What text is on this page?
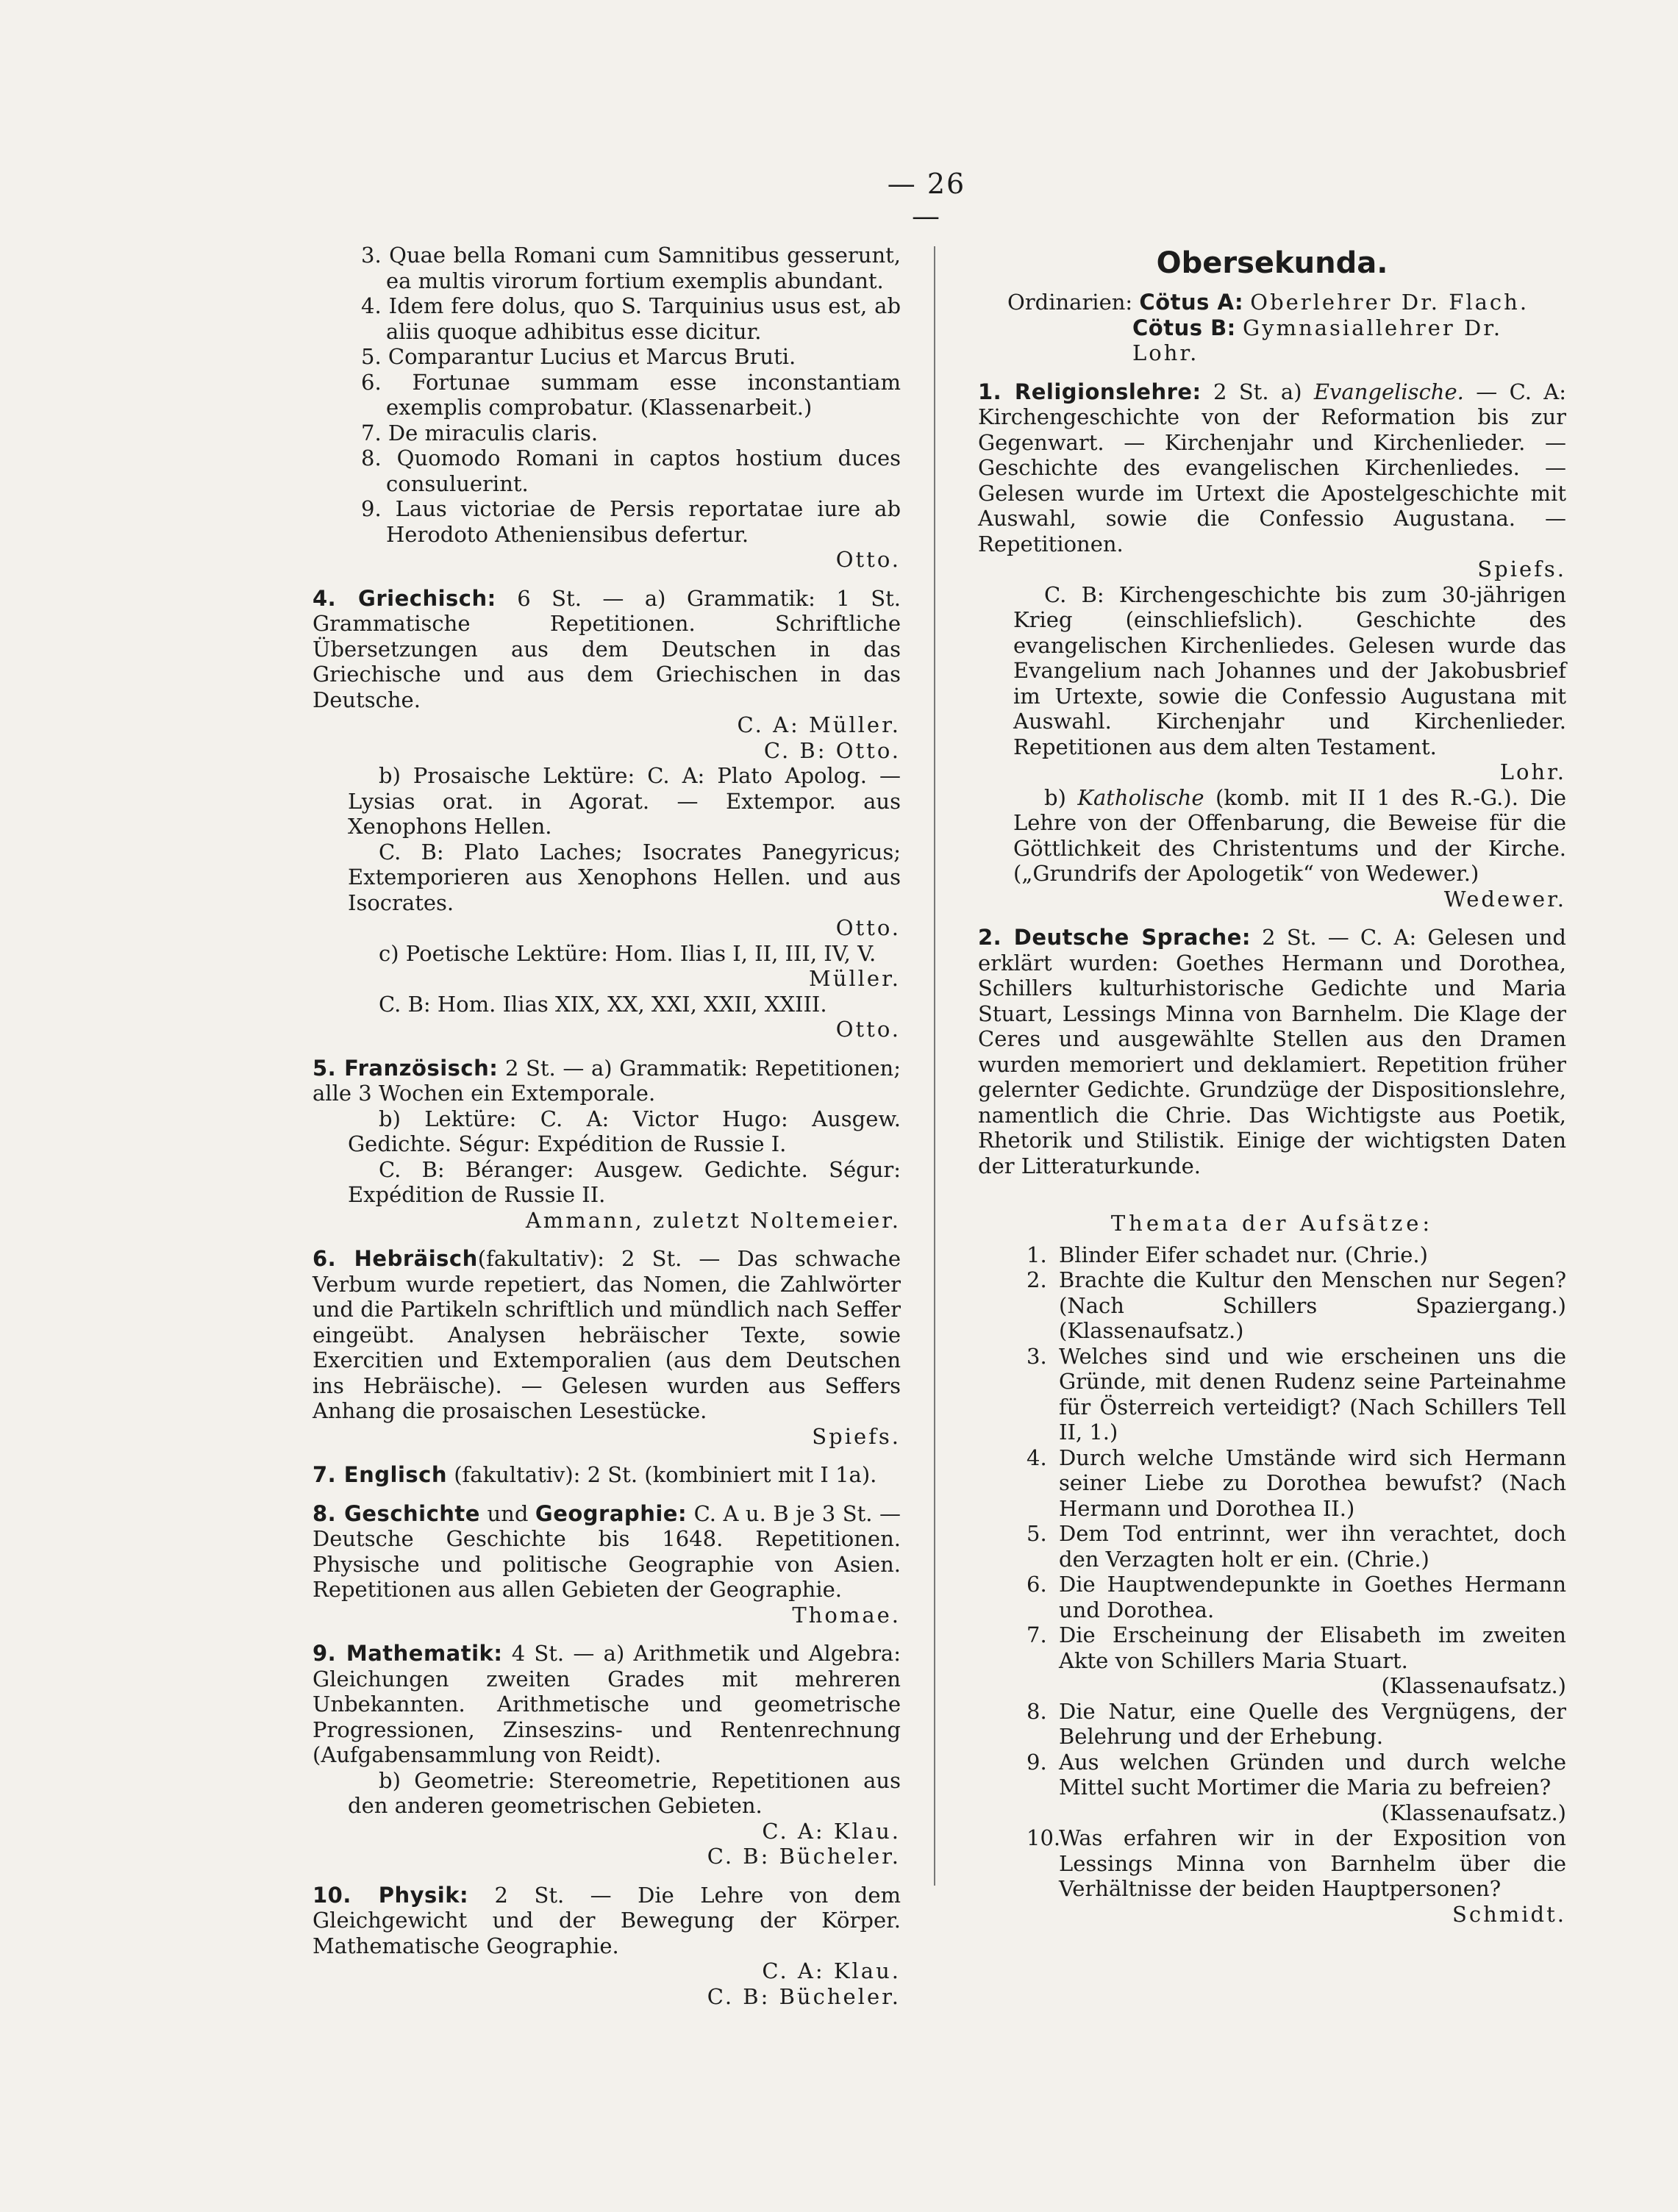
— 26 —

3. Quae bella Romani cum Samnitibus gesserunt, ea multis virorum fortium exemplis abundant.

4. Idem fere dolus, quo S. Tarquinius usus est, ab aliis quoque adhibitus esse dicitur.

5. Comparantur Lucius et Marcus Bruti.

6. Fortunae summam esse inconstantiam exemplis comprobatur. (Klassenarbeit.)

7. De miraculis claris.

8. Quomodo Romani in captos hostium duces consuluerint.

9. Laus victoriae de Persis reportatae iure ab Herodoto Atheniensibus defertur.

Otto.

4. Griechisch: 6 St. — a) Grammatik: 1 St. Grammatische Repetitionen. Schriftliche Übersetzungen aus dem Deutschen in das Griechische und aus dem Griechischen in das Deutsche.

C. A: Müller.

C. B: Otto.

b) Prosaische Lektüre: C. A: Plato Apolog. — Lysias orat. in Agorat. — Extempor. aus Xenophons Hellen.

C. B: Plato Laches; Isocrates Panegyricus; Extemporieren aus Xenophons Hellen. und aus Isocrates.

Otto.

c) Poetische Lektüre: Hom. Ilias I, II, III, IV, V.

Müller.

C. B: Hom. Ilias XIX, XX, XXI, XXII, XXIII.

Otto.

5. Französisch: 2 St. — a) Grammatik: Repetitionen; alle 3 Wochen ein Extemporale.

b) Lektüre: C. A: Victor Hugo: Ausgew. Gedichte. Ségur: Expédition de Russie I.

C. B: Béranger: Ausgew. Gedichte. Ségur: Expédition de Russie II.

Ammann, zuletzt Noltemeier.

6. Hebräisch(fakultativ): 2 St. — Das schwache Verbum wurde repetiert, das Nomen, die Zahlwörter und die Partikeln schriftlich und mündlich nach Seffer eingeübt. Analysen hebräischer Texte, sowie Exercitien und Extemporalien (aus dem Deutschen ins Hebräische). — Gelesen wurden aus Seffers Anhang die prosaischen Lesestücke.

Spiefs.

7. Englisch (fakultativ): 2 St. (kombiniert mit I 1a).

8. Geschichte und Geographie: C. A u. B je 3 St. — Deutsche Geschichte bis 1648. Repetitionen. Physische und politische Geographie von Asien. Repetitionen aus allen Gebieten der Geographie.

Thomae.

9. Mathematik: 4 St. — a) Arithmetik und Algebra: Gleichungen zweiten Grades mit mehreren Unbekannten. Arithmetische und geometrische Progressionen, Zinseszins- und Rentenrechnung (Aufgabensammlung von Reidt).

b) Geometrie: Stereometrie, Repetitionen aus den anderen geometrischen Gebieten.

C. A: Klau.

C. B: Bücheler.

10. Physik: 2 St. — Die Lehre von dem Gleichgewicht und der Bewegung der Körper. Mathematische Geographie.

C. A: Klau.

C. B: Bücheler.

Obersekunda.

Ordinarien: Cötus A: Oberlehrer Dr. Flach.

Cötus B: Gymnasiallehrer Dr. Lohr.

1. Religionslehre: 2 St. a) Evangelische. — C. A: Kirchengeschichte von der Reformation bis zur Gegenwart. — Kirchenjahr und Kirchenlieder. — Geschichte des evangelischen Kirchenliedes. — Gelesen wurde im Urtext die Apostelgeschichte mit Auswahl, sowie die Confessio Augustana. — Repetitionen.

Spiefs.

C. B: Kirchengeschichte bis zum 30-jährigen Krieg (einschliefslich). Geschichte des evangelischen Kirchenliedes. Gelesen wurde das Evangelium nach Johannes und der Jakobusbrief im Urtexte, sowie die Confessio Augustana mit Auswahl. Kirchenjahr und Kirchenlieder. Repetitionen aus dem alten Testament.

Lohr.

b) Katholische (komb. mit II 1 des R.-G.). Die Lehre von der Offenbarung, die Beweise für die Göttlichkeit des Christentums und der Kirche. („Grundrifs der Apologetik“ von Wedewer.)

Wedewer.

2. Deutsche Sprache: 2 St. — C. A: Gelesen und erklärt wurden: Goethes Hermann und Dorothea, Schillers kulturhistorische Gedichte und Maria Stuart, Lessings Minna von Barnhelm. Die Klage der Ceres und ausgewählte Stellen aus den Dramen wurden memoriert und deklamiert. Repetition früher gelernter Gedichte. Grundzüge der Dispositionslehre, namentlich die Chrie. Das Wichtigste aus Poetik, Rhetorik und Stilistik. Einige der wichtigsten Daten der Litteraturkunde.

Themata der Aufsätze:

1. Blinder Eifer schadet nur. (Chrie.)

2. Brachte die Kultur den Menschen nur Segen? (Nach Schillers Spaziergang.) (Klassenaufsatz.)

3. Welches sind und wie erscheinen uns die Gründe, mit denen Rudenz seine Parteinahme für Österreich verteidigt? (Nach Schillers Tell II, 1.)

4. Durch welche Umstände wird sich Hermann seiner Liebe zu Dorothea bewufst? (Nach Hermann und Dorothea II.)

5. Dem Tod entrinnt, wer ihn verachtet, doch den Verzagten holt er ein. (Chrie.)

6. Die Hauptwendepunkte in Goethes Hermann und Dorothea.

7. Die Erscheinung der Elisabeth im zweiten Akte von Schillers Maria Stuart.

(Klassenaufsatz.)

8. Die Natur, eine Quelle des Vergnügens, der Belehrung und der Erhebung.

9. Aus welchen Gründen und durch welche Mittel sucht Mortimer die Maria zu befreien?

(Klassenaufsatz.)

10.Was erfahren wir in der Exposition von Lessings Minna von Barnhelm über die Verhältnisse der beiden Hauptpersonen?

Schmidt.
